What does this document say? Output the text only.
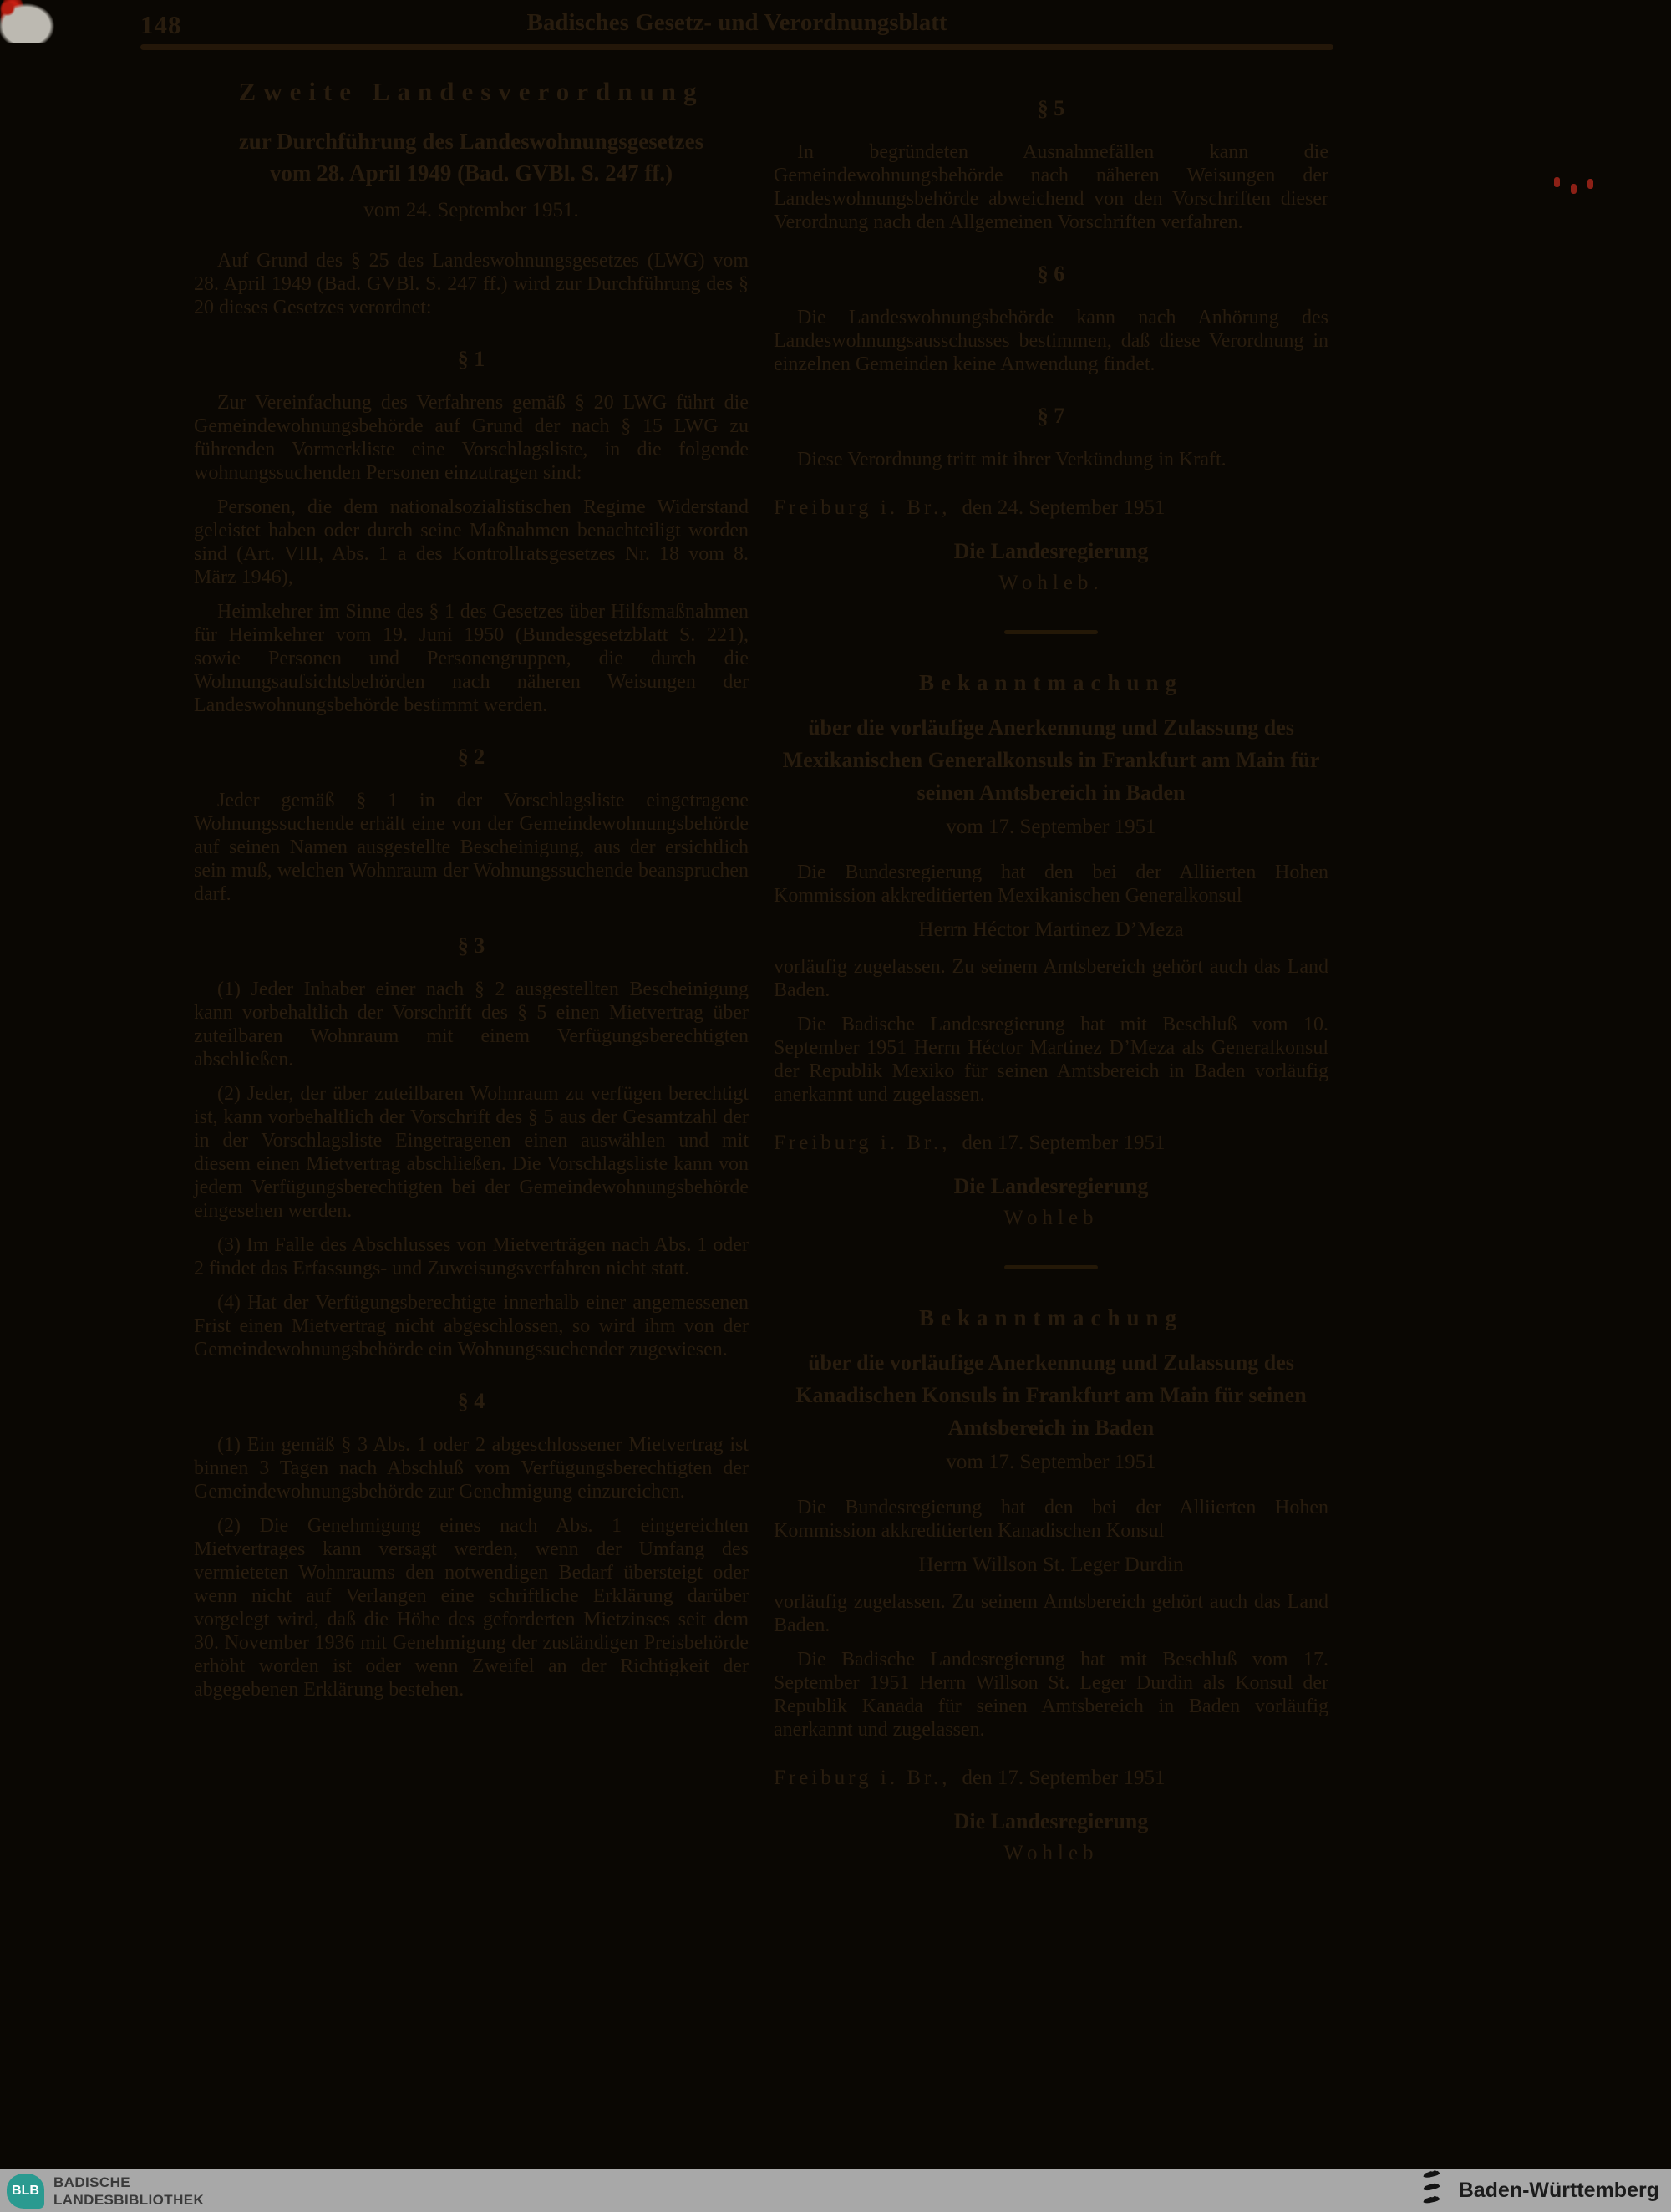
148	Badisches Gesetz- und Verordnungsblatt

Zweite Landesverordnung

zur Durchführung des Landeswohnungsgesetzes

vom 28. April 1949 (Bad. GVBl. S. 247 ff.)

vom 24. September 1951.

Auf Grund des § 25 des Landeswohnungsgesetzes (LWG) vom 28. April 1949 (Bad. GVBl. S. 247 ff.) wird zur Durchführung des § 20 dieses Gesetzes verordnet:

§ 1

Zur Vereinfachung des Verfahrens gemäß § 20 LWG führt die Gemeindewohnungsbehörde auf Grund der nach § 15 LWG zu führenden Vormerkliste eine Vorschlagsliste, in die folgende wohnungssuchenden Personen einzutragen sind:

Personen, die dem nationalsozialistischen Regime Widerstand geleistet haben oder durch seine Maßnahmen benachteiligt worden sind (Art. VIII, Abs. 1 a des Kontrollratsgesetzes Nr. 18 vom 8. März 1946),

Heimkehrer im Sinne des § 1 des Gesetzes über Hilfsmaßnahmen für Heimkehrer vom 19. Juni 1950 (Bundesgesetzblatt S. 221), sowie Personen und Personengruppen, die durch die Wohnungsaufsichtsbehörden nach näheren Weisungen der Landeswohnungsbehörde bestimmt werden.

§ 2

Jeder gemäß § 1 in der Vorschlagsliste eingetragene Wohnungssuchende erhält eine von der Gemeindewohnungsbehörde auf seinen Namen ausgestellte Bescheinigung, aus der ersichtlich sein muß, welchen Wohnraum der Wohnungssuchende beanspruchen darf.

§ 3

(1) Jeder Inhaber einer nach § 2 ausgestellten Bescheinigung kann vorbehaltlich der Vorschrift des § 5 einen Mietvertrag über zuteilbaren Wohnraum mit einem Verfügungsberechtigten abschließen.

(2) Jeder, der über zuteilbaren Wohnraum zu verfügen berechtigt ist, kann vorbehaltlich der Vorschrift des § 5 aus der Gesamtzahl der in der Vorschlagsliste Eingetragenen einen auswählen und mit diesem einen Mietvertrag abschließen. Die Vorschlagsliste kann von jedem Verfügungsberechtigten bei der Gemeindewohnungsbehörde eingesehen werden.

(3) Im Falle des Abschlusses von Mietverträgen nach Abs. 1 oder 2 findet das Erfassungs- und Zuweisungsverfahren nicht statt.

(4) Hat der Verfügungsberechtigte innerhalb einer angemessenen Frist einen Mietvertrag nicht abgeschlossen, so wird ihm von der Gemeindewohnungsbehörde ein Wohnungssuchender zugewiesen.

§ 4

(1) Ein gemäß § 3 Abs. 1 oder 2 abgeschlossener Mietvertrag ist binnen 3 Tagen nach Abschluß vom Verfügungsberechtigten der Gemeindewohnungsbehörde zur Genehmigung einzureichen.

(2) Die Genehmigung eines nach Abs. 1 eingereichten Mietvertrages kann versagt werden, wenn der Umfang des vermieteten Wohnraums den notwendigen Bedarf übersteigt oder wenn nicht auf Verlangen eine schriftliche Erklärung darüber vorgelegt wird, daß die Höhe des geforderten Mietzinses seit dem 30. November 1936 mit Genehmigung der zuständigen Preisbehörde erhöht worden ist oder wenn Zweifel an der Richtigkeit der abgegebenen Erklärung bestehen.

§ 5

In begründeten Ausnahmefällen kann die Gemeindewohnungsbehörde nach näheren Weisungen der Landeswohnungsbehörde abweichend von den Vorschriften dieser Verordnung nach den Allgemeinen Vorschriften verfahren.

§ 6

Die Landeswohnungsbehörde kann nach Anhörung des Landeswohnungsausschusses bestimmen, daß diese Verordnung in einzelnen Gemeinden keine Anwendung findet.

§ 7

Diese Verordnung tritt mit ihrer Verkündung in Kraft.

Freiburg i. Br., den 24. September 1951

Die Landesregierung

Wohleb.

Bekanntmachung

über die vorläufige Anerkennung und Zulassung des Mexikanischen Generalkonsuls in Frankfurt am Main für seinen Amtsbereich in Baden

vom 17. September 1951

Die Bundesregierung hat den bei der Alliierten Hohen Kommission akkreditierten Mexikanischen Generalkonsul

Herrn Héctor Martinez D’Meza

vorläufig zugelassen. Zu seinem Amtsbereich gehört auch das Land Baden.

Die Badische Landesregierung hat mit Beschluß vom 10. September 1951 Herrn Héctor Martinez D’Meza als Generalkonsul der Republik Mexiko für seinen Amtsbereich in Baden vorläufig anerkannt und zugelassen.

Freiburg i. Br., den 17. September 1951

Die Landesregierung

Wohleb

Bekanntmachung

über die vorläufige Anerkennung und Zulassung des Kanadischen Konsuls in Frankfurt am Main für seinen Amtsbereich in Baden

vom 17. September 1951

Die Bundesregierung hat den bei der Alliierten Hohen Kommission akkreditierten Kanadischen Konsul

Herrn Willson St. Leger Durdin

vorläufig zugelassen. Zu seinem Amtsbereich gehört auch das Land Baden.

Die Badische Landesregierung hat mit Beschluß vom 17. September 1951 Herrn Willson St. Leger Durdin als Konsul der Republik Kanada für seinen Amtsbereich in Baden vorläufig anerkannt und zugelassen.

Freiburg i. Br., den 17. September 1951

Die Landesregierung

Wohleb

BLB
BADISCHE
LANDESBIBLIOTHEK	Baden-Württemberg
